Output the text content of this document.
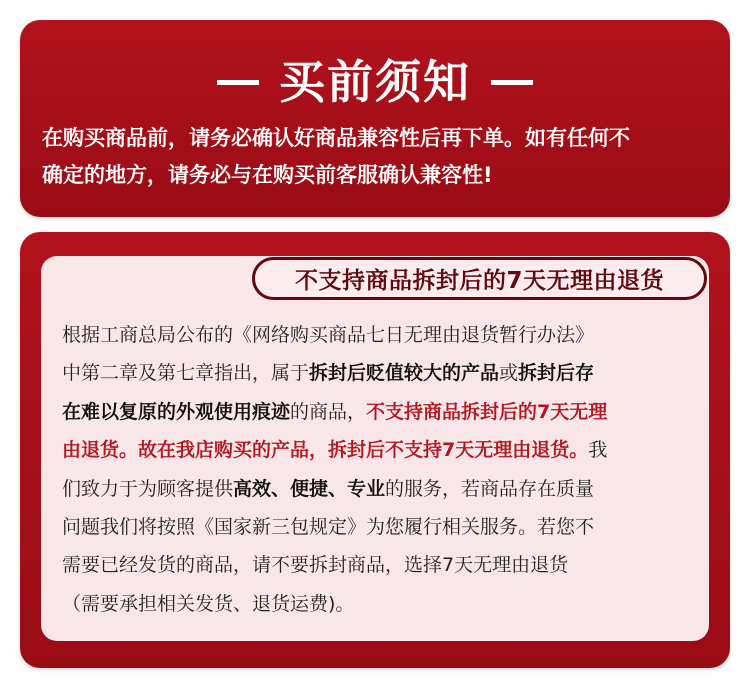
买前须知
在购买商品前，请务必确认好商品兼容性后再下单。如有任何不
确定的地方，请务必与在购买前客服确认兼容性!
根据工商总局公布的《网络购买商品七日无理由退货暂行办法》
中第二章及第七章指出，属于拆封后贬值较大的产品或拆封后存
在难以复原的外观使用痕迹的商品，不支持商品拆封后的7天无理
由退货。故在我店购买的产品，拆封后不支持7天无理由退货。我
们致力于为顾客提供高效、便捷、专业的服务，若商品存在质量
问题我们将按照《国家新三包规定》为您履行相关服务。若您不
需要已经发货的商品，请不要拆封商品，选择7天无理由退货
（需要承担相关发货、退货运费)。
不支持商品拆封后的7天无理由退货
